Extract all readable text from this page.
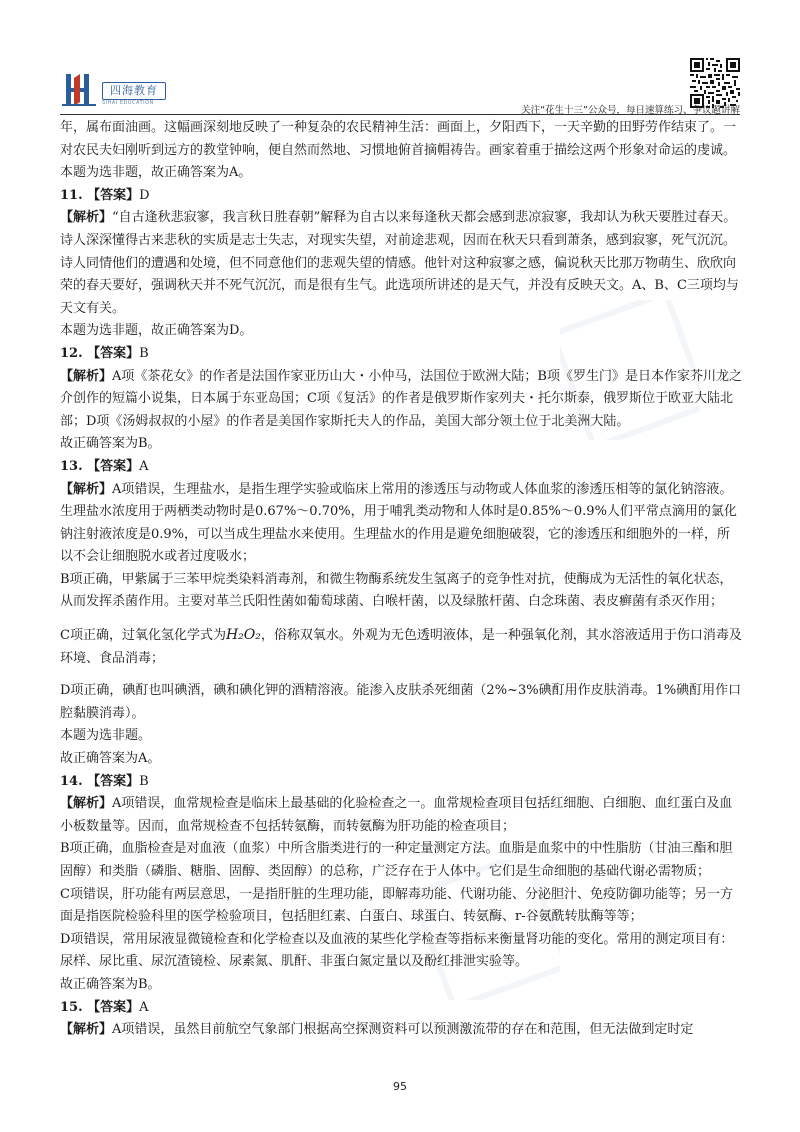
四海教育
SIHAI EDUCATION
关注“花生十三”公众号，每日速算练习、争议题讲解

年，属布面油画。这幅画深刻地反映了一种复杂的农民精神生活：画面上，夕阳西下，一天辛勤的田野劳作结束了。一对农民夫妇刚听到远方的教堂钟响，便自然而然地、习惯地俯首摘帽祷告。画家着重于描绘这两个形象对命运的虔诚。

本题为选非题，故正确答案为A。

11. 【答案】D

【解析】“自古逢秋悲寂寥，我言秋日胜春朝”解释为自古以来每逢秋天都会感到悲凉寂寥，我却认为秋天要胜过春天。诗人深深懂得古来悲秋的实质是志士失志，对现实失望，对前途悲观，因而在秋天只看到萧条，感到寂寥，死气沉沉。诗人同情他们的遭遇和处境，但不同意他们的悲观失望的情感。他针对这种寂寥之感，偏说秋天比那万物萌生、欣欣向荣的春天要好，强调秋天并不死气沉沉，而是很有生气。此选项所讲述的是天气，并没有反映天文。A、B、C三项均与天文有关。

本题为选非题，故正确答案为D。

12. 【答案】B

【解析】A项《茶花女》的作者是法国作家亚历山大・小仲马，法国位于欧洲大陆；B项《罗生门》是日本作家芥川龙之介创作的短篇小说集，日本属于东亚岛国；C项《复活》的作者是俄罗斯作家列夫・托尔斯泰，俄罗斯位于欧亚大陆北部；D项《汤姆叔叔的小屋》的作者是美国作家斯托夫人的作品，美国大部分领土位于北美洲大陆。

故正确答案为B。

13. 【答案】A

【解析】A项错误，生理盐水，是指生理学实验或临床上常用的渗透压与动物或人体血浆的渗透压相等的氯化钠溶液。生理盐水浓度用于两栖类动物时是0.67%～0.70%，用于哺乳类动物和人体时是0.85%～0.9%人们平常点滴用的氯化钠注射液浓度是0.9%，可以当成生理盐水来使用。生理盐水的作用是避免细胞破裂，它的渗透压和细胞外的一样，所以不会让细胞脱水或者过度吸水；

B项正确，甲紫属于三苯甲烷类染料消毒剂，和微生物酶系统发生氢离子的竞争性对抗，使酶成为无活性的氧化状态，从而发挥杀菌作用。主要对革兰氏阳性菌如葡萄球菌、白喉杆菌，以及绿脓杆菌、白念珠菌、表皮癣菌有杀灭作用；

C项正确，过氧化氢化学式为H₂O₂，俗称双氧水。外观为无色透明液体，是一种强氧化剂，其水溶液适用于伤口消毒及环境、食品消毒；

D项正确，碘酊也叫碘酒，碘和碘化钾的酒精溶液。能渗入皮肤杀死细菌（2%~3%碘酊用作皮肤消毒。1%碘酊用作口腔黏膜消毒）。

本题为选非题。

故正确答案为A。

14. 【答案】B

【解析】A项错误，血常规检查是临床上最基础的化验检查之一。血常规检查项目包括红细胞、白细胞、血红蛋白及血小板数量等。因而，血常规检查不包括转氨酶，而转氨酶为肝功能的检查项目；

B项正确，血脂检查是对血液（血浆）中所含脂类进行的一种定量测定方法。血脂是血浆中的中性脂肪（甘油三酯和胆固醇）和类脂（磷脂、糖脂、固醇、类固醇）的总称，广泛存在于人体中。它们是生命细胞的基础代谢必需物质；

C项错误，肝功能有两层意思，一是指肝脏的生理功能，即解毒功能、代谢功能、分泌胆汁、免疫防御功能等；另一方面是指医院检验科里的医学检验项目，包括胆红素、白蛋白、球蛋白、转氨酶、r-谷氨酰转肽酶等等；

D项错误，常用尿液显微镜检查和化学检查以及血液的某些化学检查等指标来衡量肾功能的变化。常用的测定项目有：尿样、尿比重、尿沉渣镜检、尿素氮、肌酐、非蛋白氮定量以及酚红排泄实验等。

故正确答案为B。

15. 【答案】A

【解析】A项错误，虽然目前航空气象部门根据高空探测资料可以预测激流带的存在和范围，但无法做到定时定

95
